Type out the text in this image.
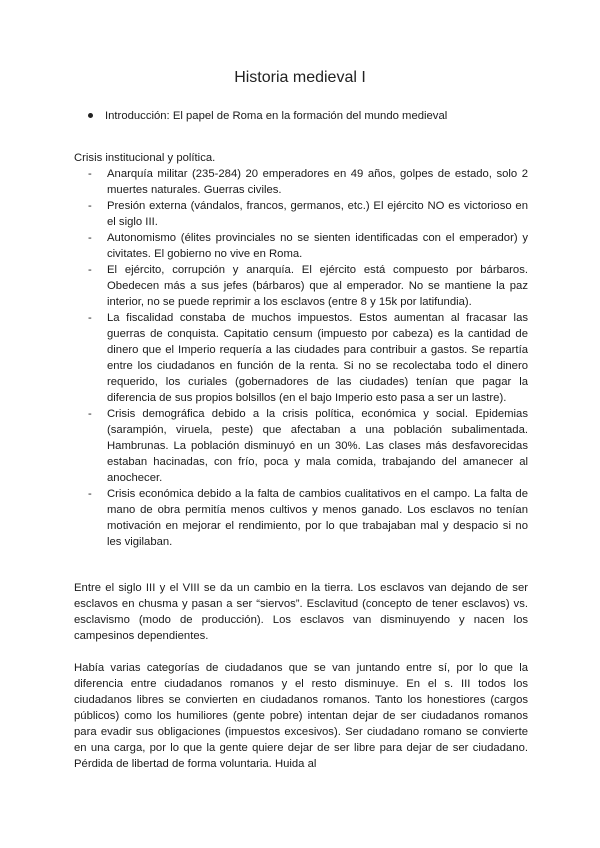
Historia medieval I
Introducción: El papel de Roma en la formación del mundo medieval
Crisis institucional y política.
- Anarquía militar (235-284) 20 emperadores en 49 años, golpes de estado, solo 2 muertes naturales. Guerras civiles.
- Presión externa (vándalos, francos, germanos, etc.) El ejército NO es victorioso en el siglo III.
- Autonomismo (élites provinciales no se sienten identificadas con el emperador) y civitates. El gobierno no vive en Roma.
- El ejército, corrupción y anarquía. El ejército está compuesto por bárbaros. Obedecen más a sus jefes (bárbaros) que al emperador. No se mantiene la paz interior, no se puede reprimir a los esclavos (entre 8 y 15k por latifundia).
- La fiscalidad constaba de muchos impuestos. Estos aumentan al fracasar las guerras de conquista. Capitatio censum (impuesto por cabeza) es la cantidad de dinero que el Imperio requería a las ciudades para contribuir a gastos. Se repartía entre los ciudadanos en función de la renta. Si no se recolectaba todo el dinero requerido, los curiales (gobernadores de las ciudades) tenían que pagar la diferencia de sus propios bolsillos (en el bajo Imperio esto pasa a ser un lastre).
- Crisis demográfica debido a la crisis política, económica y social. Epidemias (sarampión, viruela, peste) que afectaban a una población subalimentada. Hambrunas. La población disminuyó en un 30%. Las clases más desfavorecidas estaban hacinadas, con frío, poca y mala comida, trabajando del amanecer al anochecer.
- Crisis económica debido a la falta de cambios cualitativos en el campo. La falta de mano de obra permitía menos cultivos y menos ganado. Los esclavos no tenían motivación en mejorar el rendimiento, por lo que trabajaban mal y despacio si no les vigilaban.
Entre el siglo III y el VIII se da un cambio en la tierra. Los esclavos van dejando de ser esclavos en chusma y pasan a ser “siervos”. Esclavitud (concepto de tener esclavos) vs. esclavismo (modo de producción). Los esclavos van disminuyendo y nacen los campesinos dependientes.
Había varias categorías de ciudadanos que se van juntando entre sí, por lo que la diferencia entre ciudadanos romanos y el resto disminuye. En el s. III todos los ciudadanos libres se convierten en ciudadanos romanos. Tanto los honestiores (cargos públicos) como los humiliores (gente pobre) intentan dejar de ser ciudadanos romanos para evadir sus obligaciones (impuestos excesivos). Ser ciudadano romano se convierte en una carga, por lo que la gente quiere dejar de ser libre para dejar de ser ciudadano. Pérdida de libertad de forma voluntaria. Huida al
